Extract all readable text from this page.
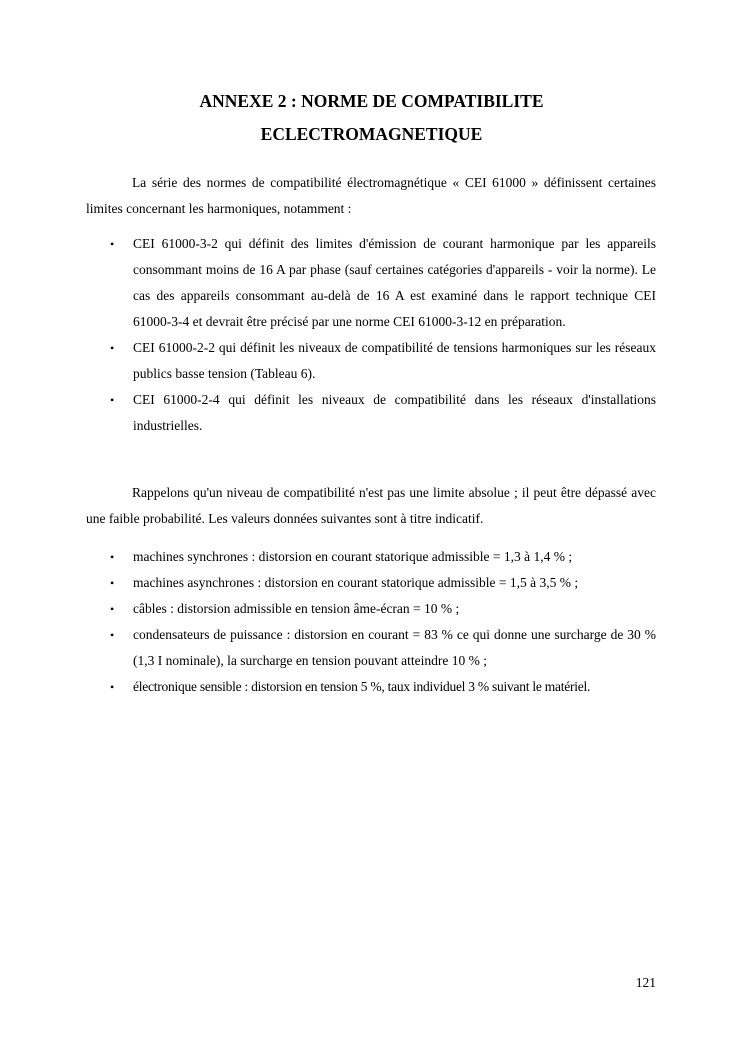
ANNEXE 2 : NORME DE COMPATIBILITE
ECLECTROMAGNETIQUE

La série des normes de compatibilité électromagnétique « CEI 61000 » définissent certaines limites concernant les harmoniques, notamment :

• CEI 61000-3-2 qui définit des limites d'émission de courant harmonique par les appareils consommant moins de 16 A par phase (sauf certaines catégories d'appareils - voir la norme). Le cas des appareils consommant au-delà de 16 A est examiné dans le rapport technique CEI 61000-3-4 et devrait être précisé par une norme CEI 61000-3-12 en préparation.
• CEI 61000-2-2 qui définit les niveaux de compatibilité de tensions harmoniques sur les réseaux publics basse tension (Tableau 6).
• CEI 61000-2-4 qui définit les niveaux de compatibilité dans les réseaux d'installations industrielles.

Rappelons qu'un niveau de compatibilité n'est pas une limite absolue ; il peut être dépassé avec une faible probabilité. Les valeurs données suivantes sont à titre indicatif.

• machines synchrones : distorsion en courant statorique admissible = 1,3 à 1,4 % ;
• machines asynchrones : distorsion en courant statorique admissible = 1,5 à 3,5 % ;
• câbles : distorsion admissible en tension âme-écran = 10 % ;
• condensateurs de puissance : distorsion en courant = 83 % ce qui donne une surcharge de 30 % (1,3 I nominale), la surcharge en tension pouvant atteindre 10 % ;
• électronique sensible : distorsion en tension 5 %, taux individuel 3 % suivant le matériel.

121
